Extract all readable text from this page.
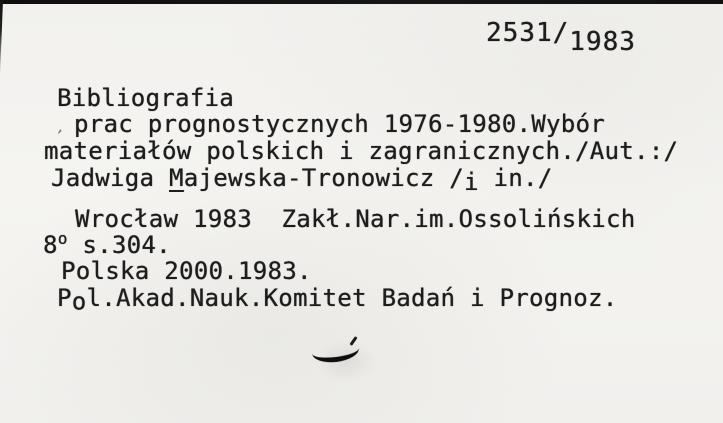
2531/1983
Bibliografia
, prac prognostycznych 1976-1980.Wybór
materiałów polskich i zagranicznych./Aut.:/
Jadwiga Majewska-Tronowicz /i in./
Wrocław 1983  Zakł.Nar.im.Ossolińskich
8o s.304.
Polska 2000.1983.
Pol.Akad.Nauk.Komitet Badań i Prognoz.
